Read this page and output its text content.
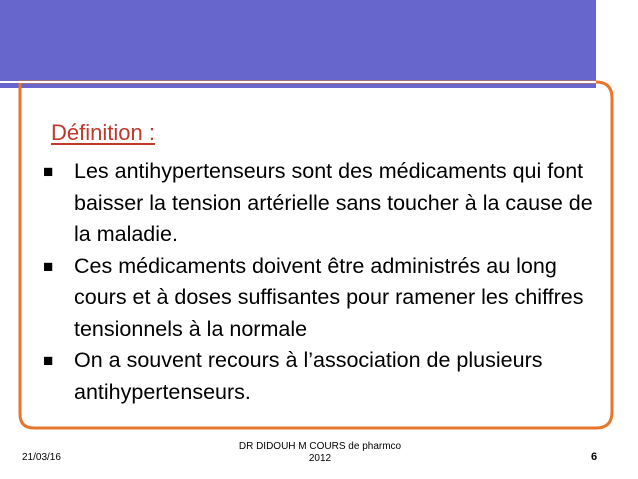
Définition :
■ Les antihypertenseurs sont des médicaments qui font baisser la tension artérielle sans toucher à la cause de la maladie.
■ Ces médicaments doivent être administrés au long cours et à doses suffisantes pour ramener les chiffres tensionnels à la normale
■ On a souvent recours à l’association de plusieurs antihypertenseurs.
21/03/16
DR DIDOUH M COURS de pharmco
2012	6
